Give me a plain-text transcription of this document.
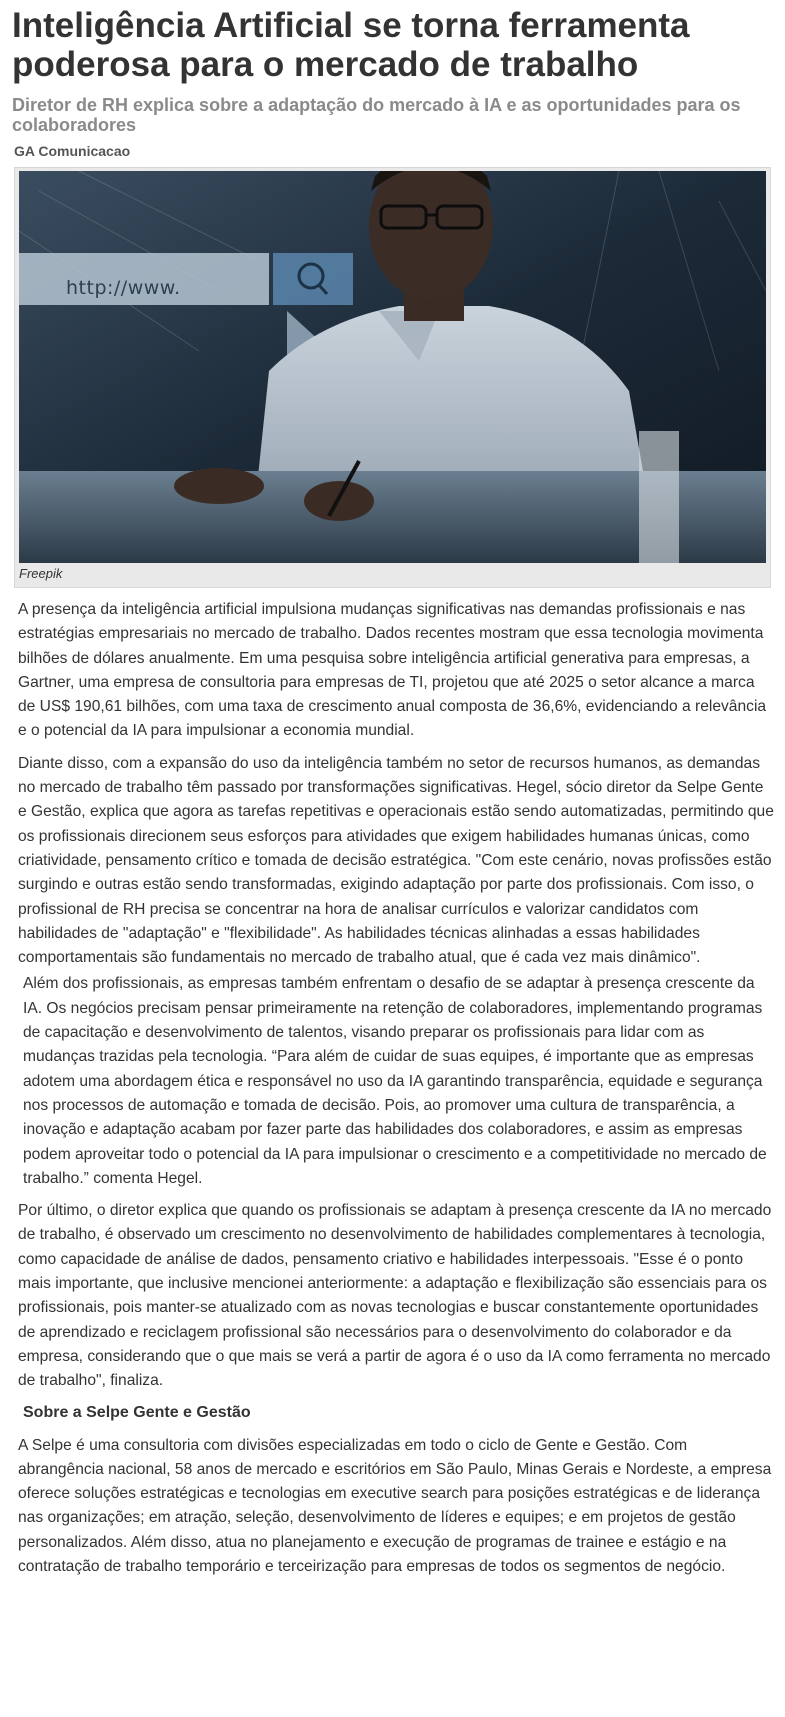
Inteligência Artificial se torna ferramenta poderosa para o mercado de trabalho
Diretor de RH explica sobre a adaptação do mercado à IA e as oportunidades para os colaboradores
GA Comunicacao
http://www.
Freepik

A presença da inteligência artificial impulsiona mudanças significativas nas demandas profissionais e nas estratégias empresariais no mercado de trabalho. Dados recentes mostram que essa tecnologia movimenta bilhões de dólares anualmente. Em uma pesquisa sobre inteligência artificial generativa para empresas, a Gartner, uma empresa de consultoria para empresas de TI, projetou que até 2025 o setor alcance a marca de US$ 190,61 bilhões, com uma taxa de crescimento anual composta de 36,6%, evidenciando a relevância e o potencial da IA para impulsionar a economia mundial.

Diante disso, com a expansão do uso da inteligência também no setor de recursos humanos, as demandas no mercado de trabalho têm passado por transformações significativas. Hegel, sócio diretor da Selpe Gente e Gestão, explica que agora as tarefas repetitivas e operacionais estão sendo automatizadas, permitindo que os profissionais direcionem seus esforços para atividades que exigem habilidades humanas únicas, como criatividade, pensamento crítico e tomada de decisão estratégica. "Com este cenário, novas profissões estão surgindo e outras estão sendo transformadas, exigindo adaptação por parte dos profissionais. Com isso, o profissional de RH precisa se concentrar na hora de analisar currículos e valorizar candidatos com habilidades de "adaptação" e "flexibilidade". As habilidades técnicas alinhadas a essas habilidades comportamentais são fundamentais no mercado de trabalho atual, que é cada vez mais dinâmico".

Além dos profissionais, as empresas também enfrentam o desafio de se adaptar à presença crescente da IA. Os negócios precisam pensar primeiramente na retenção de colaboradores, implementando programas de capacitação e desenvolvimento de talentos, visando preparar os profissionais para lidar com as mudanças trazidas pela tecnologia. “Para além de cuidar de suas equipes, é importante que as empresas adotem uma abordagem ética e responsável no uso da IA garantindo transparência, equidade e segurança nos processos de automação e tomada de decisão. Pois, ao promover uma cultura de transparência, a inovação e adaptação acabam por fazer parte das habilidades dos colaboradores, e assim as empresas podem aproveitar todo o potencial da IA para impulsionar o crescimento e a competitividade no mercado de trabalho.” comenta Hegel.

Por último, o diretor explica que quando os profissionais se adaptam à presença crescente da IA no mercado de trabalho, é observado um crescimento no desenvolvimento de habilidades complementares à tecnologia, como capacidade de análise de dados, pensamento criativo e habilidades interpessoais. "Esse é o ponto mais importante, que inclusive mencionei anteriormente: a adaptação e flexibilização são essenciais para os profissionais, pois manter-se atualizado com as novas tecnologias e buscar constantemente oportunidades de aprendizado e reciclagem profissional são necessários para o desenvolvimento do colaborador e da empresa, considerando que o que mais se verá a partir de agora é o uso da IA como ferramenta no mercado de trabalho", finaliza.

Sobre a Selpe Gente e Gestão

A Selpe é uma consultoria com divisões especializadas em todo o ciclo de Gente e Gestão. Com abrangência nacional, 58 anos de mercado e escritórios em São Paulo, Minas Gerais e Nordeste, a empresa oferece soluções estratégicas e tecnologias em executive search para posições estratégicas e de liderança nas organizações; em atração, seleção, desenvolvimento de líderes e equipes; e em projetos de gestão personalizados. Além disso, atua no planejamento e execução de programas de trainee e estágio e na contratação de trabalho temporário e terceirização para empresas de todos os segmentos de negócio.
